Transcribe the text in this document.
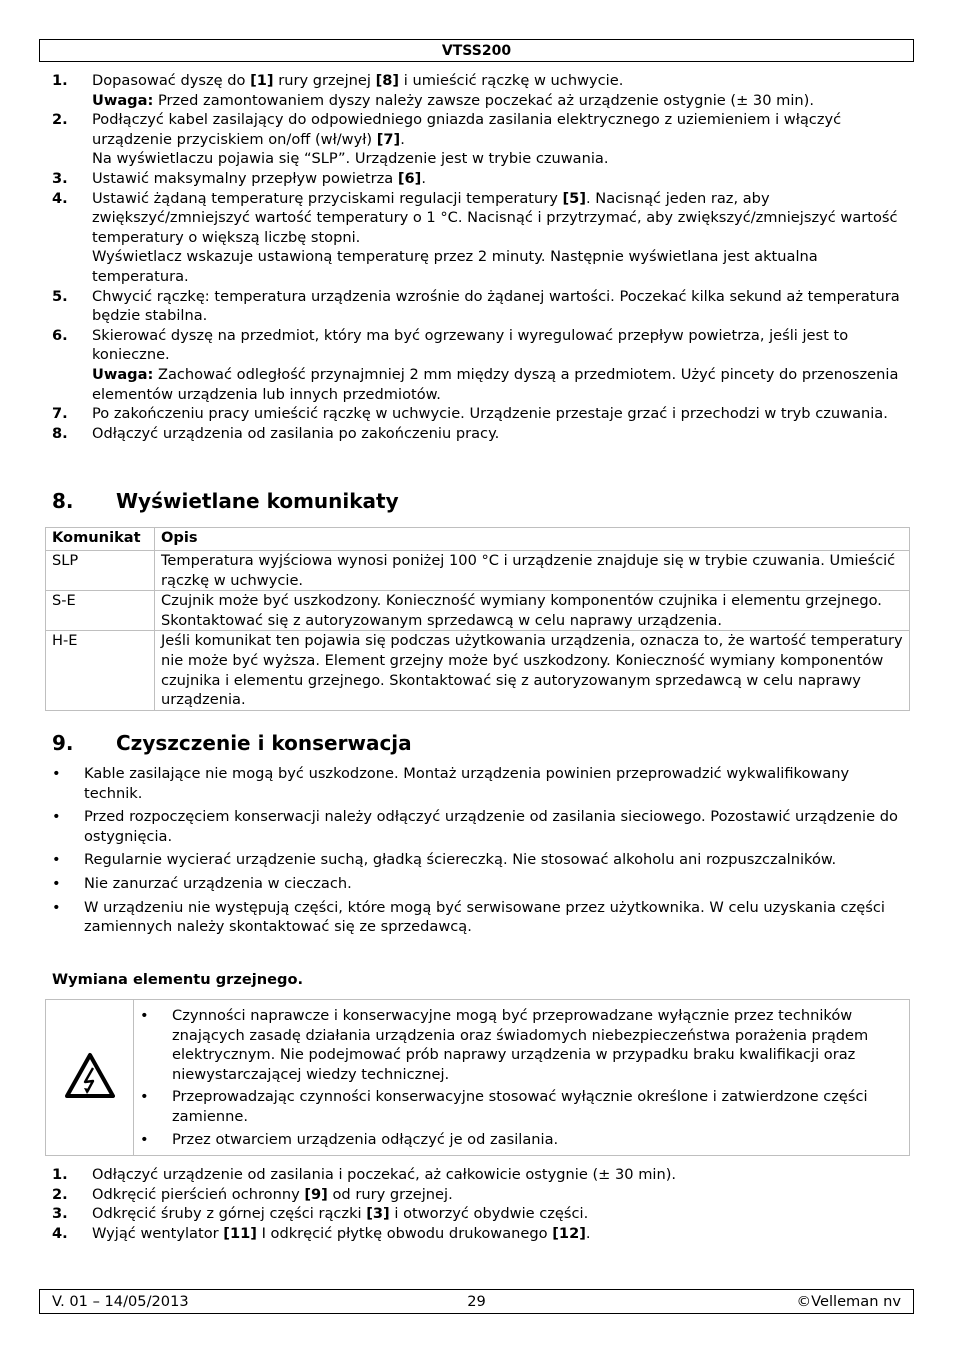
VTSS200
1.	Dopasować dyszę do [1] rury grzejnej [8] i umieścić rączkę w uchwycie.

Uwaga: Przed zamontowaniem dyszy należy zawsze poczekać aż urządzenie ostygnie (± 30 min).

2.	Podłączyć kabel zasilający do odpowiedniego gniazda zasilania elektrycznego z uziemieniem i włączyć urządzenie przyciskiem on/off (wł/wył) [7].

Na wyświetlaczu pojawia się “SLP”. Urządzenie jest w trybie czuwania.

3.	Ustawić maksymalny przepływ powietrza [6].

4.	Ustawić żądaną temperaturę przyciskami regulacji temperatury [5]. Nacisnąć jeden raz, aby zwiększyć/zmniejszyć wartość temperatury o 1 °C. Nacisnąć i przytrzymać, aby zwiększyć/zmniejszyć wartość temperatury o większą liczbę stopni.

Wyświetlacz wskazuje ustawioną temperaturę przez 2 minuty. Następnie wyświetlana jest aktualna temperatura.

5.	Chwycić rączkę: temperatura urządzenia wzrośnie do żądanej wartości. Poczekać kilka sekund aż temperatura będzie stabilna.

6.	Skierować dyszę na przedmiot, który ma być ogrzewany i wyregulować przepływ powietrza, jeśli jest to konieczne.

Uwaga: Zachować odległość przynajmniej 2 mm między dyszą a przedmiotem. Użyć pincety do przenoszenia elementów urządzenia lub innych przedmiotów.

7.	Po zakończeniu pracy umieścić rączkę w uchwycie. Urządzenie przestaje grzać i przechodzi w tryb czuwania.

8.	Odłączyć urządzenia od zasilania po zakończeniu pracy.

8. Wyświetlane komunikaty
Komunikat	Opis
SLP	Temperatura wyjściowa wynosi poniżej 100 °C i urządzenie znajduje się w trybie czuwania. Umieścić rączkę w uchwycie.
S-E	Czujnik może być uszkodzony. Konieczność wymiany komponentów czujnika i elementu grzejnego. Skontaktować się z autoryzowanym sprzedawcą w celu naprawy urządzenia.
H-E	Jeśli komunikat ten pojawia się podczas użytkowania urządzenia, oznacza to, że wartość temperatury nie może być wyższa. Element grzejny może być uszkodzony. Konieczność wymiany komponentów czujnika i elementu grzejnego. Skontaktować się z autoryzowanym sprzedawcą w celu naprawy urządzenia.
9. Czyszczenie i konserwacja
•	Kable zasilające nie mogą być uszkodzone. Montaż urządzenia powinien przeprowadzić wykwalifikowany technik.
•	Przed rozpoczęciem konserwacji należy odłączyć urządzenie od zasilania sieciowego. Pozostawić urządzenie do ostygnięcia.
•	Regularnie wycierać urządzenie suchą, gładką ściereczką. Nie stosować alkoholu ani rozpuszczalników.
•	Nie zanurzać urządzenia w cieczach.
•	W urządzeniu nie występują części, które mogą być serwisowane przez użytkownika. W celu uzyskania części zamiennych należy skontaktować się ze sprzedawcą.
Wymiana elementu grzejnego.
•	Czynności naprawcze i konserwacyjne mogą być przeprowadzane wyłącznie przez techników znających zasadę działania urządzenia oraz świadomych niebezpieczeństwa porażenia prądem elektrycznym. Nie podejmować prób naprawy urządzenia w przypadku braku kwalifikacji oraz niewystarczającej wiedzy technicznej.
•	Przeprowadzając czynności konserwacyjne stosować wyłącznie określone i zatwierdzone części zamienne.
•	Przez otwarciem urządzenia odłączyć je od zasilania.
1.	Odłączyć urządzenie od zasilania i poczekać, aż całkowicie ostygnie (± 30 min).

2.	Odkręcić pierścień ochronny [9] od rury grzejnej.

3.	Odkręcić śruby z górnej części rączki [3] i otworzyć obydwie części.

4.	Wyjąć wentylator [11] I odkręcić płytkę obwodu drukowanego [12].

V. 01 – 14/05/2013	29	©Velleman nv
